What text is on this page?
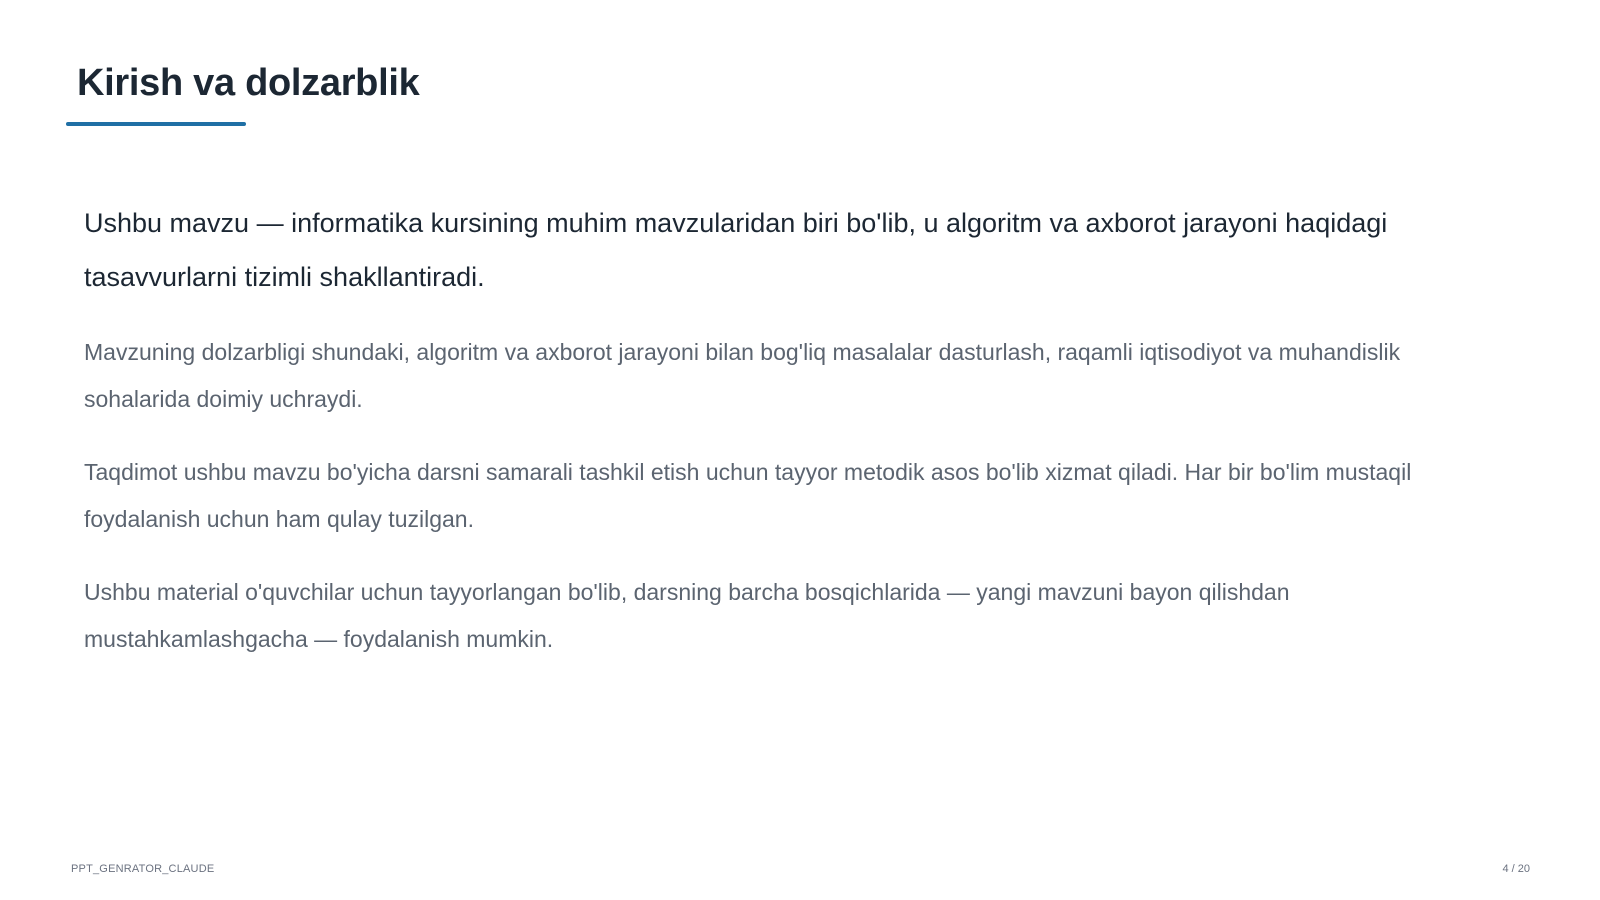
Kirish va dolzarblik

Ushbu mavzu — informatika kursining muhim mavzularidan biri bo'lib, u algoritm va axborot jarayoni haqidagi tasavvurlarni tizimli shakllantiradi.

Mavzuning dolzarbligi shundaki, algoritm va axborot jarayoni bilan bog'liq masalalar dasturlash, raqamli iqtisodiyot va muhandislik sohalarida doimiy uchraydi.

Taqdimot ushbu mavzu bo'yicha darsni samarali tashkil etish uchun tayyor metodik asos bo'lib xizmat qiladi. Har bir bo'lim mustaqil foydalanish uchun ham qulay tuzilgan.

Ushbu material o'quvchilar uchun tayyorlangan bo'lib, darsning barcha bosqichlarida — yangi mavzuni bayon qilishdan mustahkamlashgacha — foydalanish mumkin.

PPT_GENRATOR_CLAUDE	4 / 20
